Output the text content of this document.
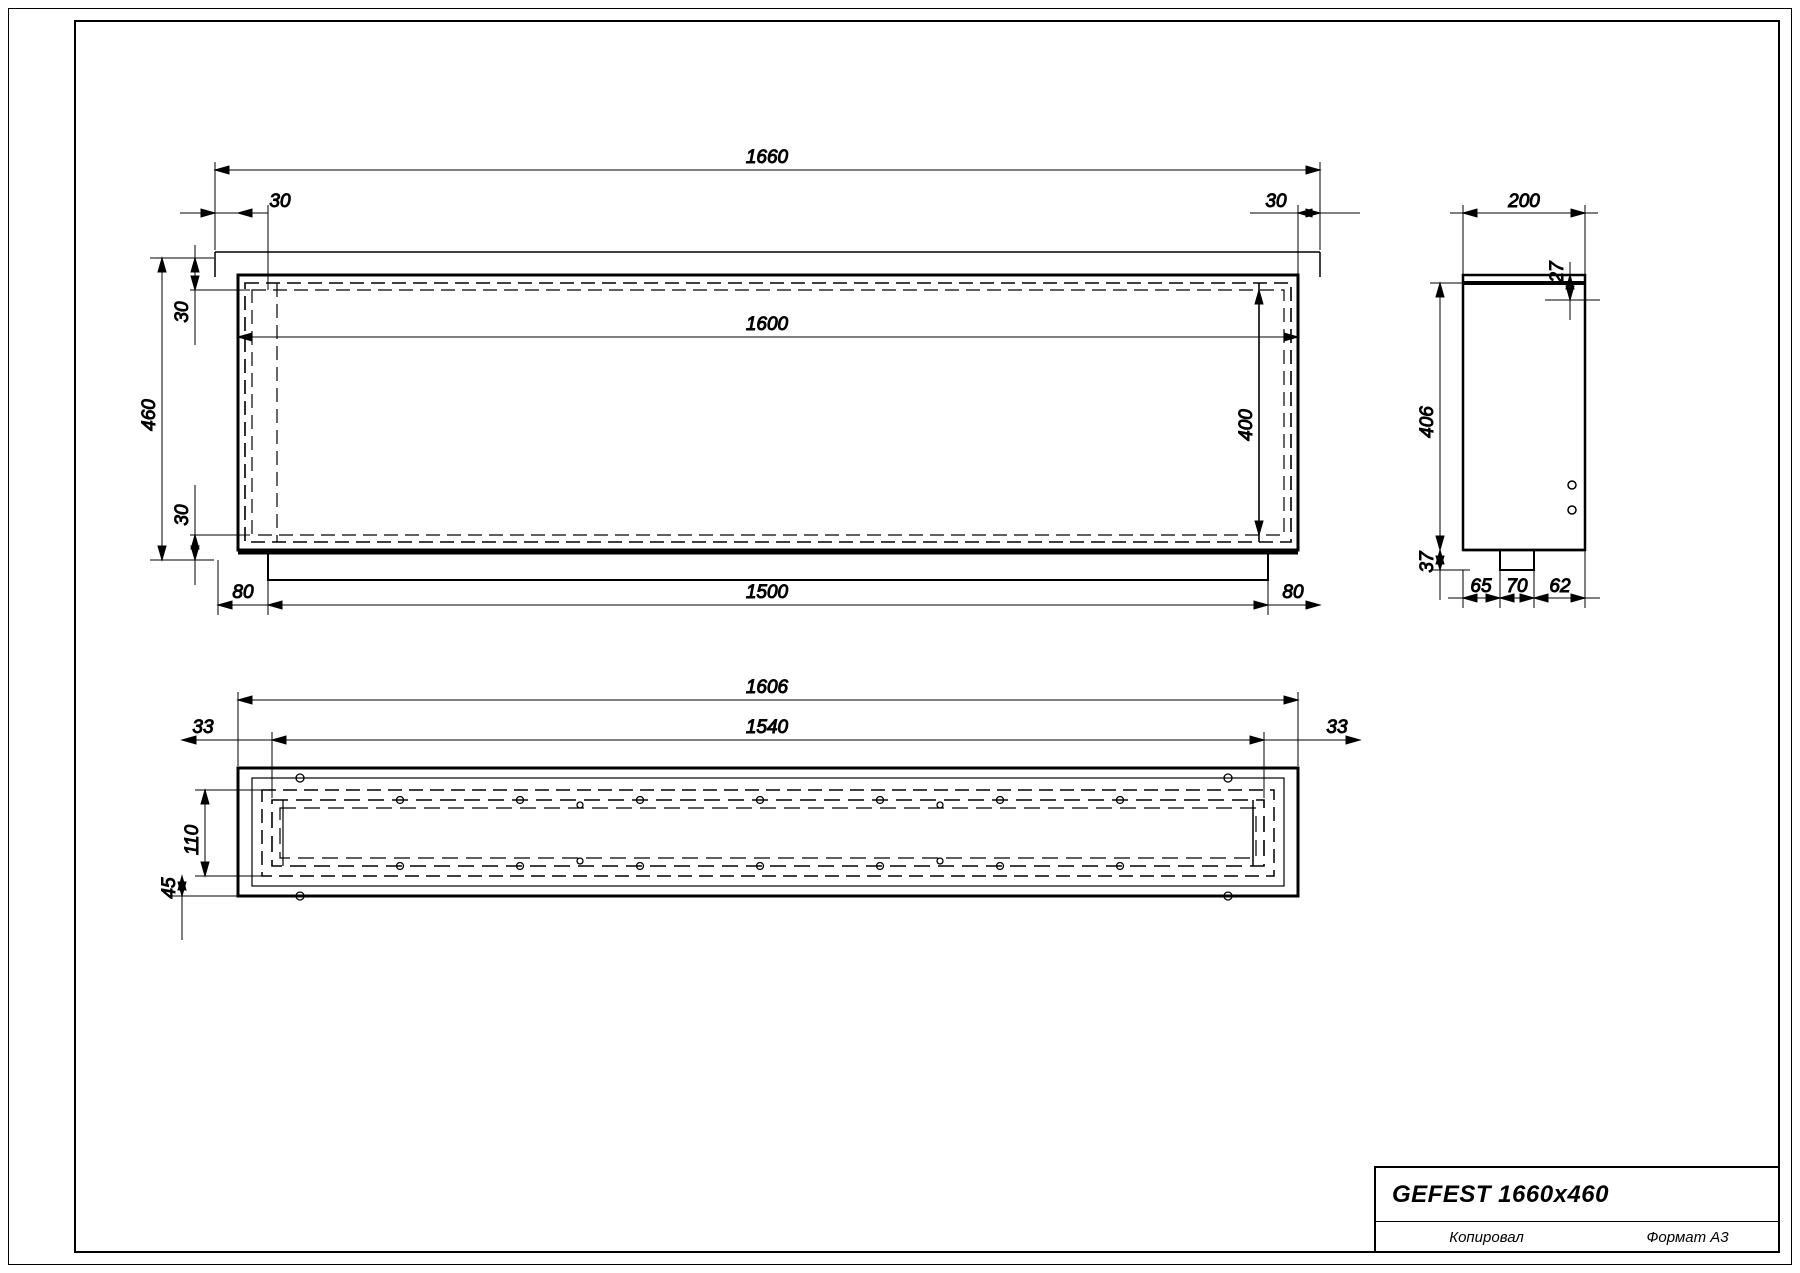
1660
30	30
1600
460
30
30
400
1500
80	80
200
27
406
37
65 70 62
1606
1540
33	33
110
45
GEFEST 1660x460
Копировал	Формат А3
